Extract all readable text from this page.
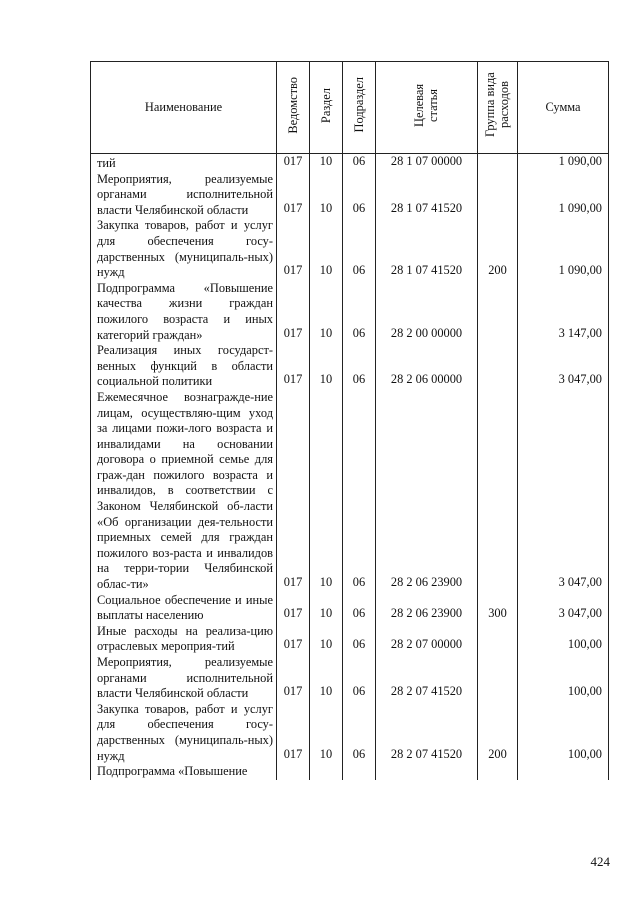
Наименование	Ведомство	Раздел	Подраздел	Целевая статья	Группа вида расходов	Сумма
тий	017	10	06	28 1 07 00000		1 090,00
Мероприятия, реализуемые органами исполнительной власти Челябинской области	017	10	06	28 1 07 41520		1 090,00
Закупка товаров, работ и услуг для обеспечения госу-дарственных (муниципаль-ных) нужд	017	10	06	28 1 07 41520	200	1 090,00
Подпрограмма «Повышение качества жизни граждан пожилого возраста и иных категорий граждан»	017	10	06	28 2 00 00000		3 147,00
Реализация иных государст-венных функций в области социальной политики	017	10	06	28 2 06 00000		3 047,00
Ежемесячное вознагражде-ние лицам, осуществляю-щим уход за лицами пожи-лого возраста и инвалидами на основании договора о приемной семье для граж-дан пожилого возраста и инвалидов, в соответствии с Законом Челябинской об-ласти «Об организации дея-тельности приемных семей для граждан пожилого воз-раста и инвалидов на терри-тории Челябинской облас-ти»	017	10	06	28 2 06 23900		3 047,00
Социальное обеспечение и иные выплаты населению	017	10	06	28 2 06 23900	300	3 047,00
Иные расходы на реализа-цию отраслевых мероприя-тий	017	10	06	28 2 07 00000		100,00
Мероприятия, реализуемые органами исполнительной власти Челябинской области	017	10	06	28 2 07 41520		100,00
Закупка товаров, работ и услуг для обеспечения госу-дарственных (муниципаль-ных) нужд	017	10	06	28 2 07 41520	200	100,00
Подпрограмма «Повышение						
424
